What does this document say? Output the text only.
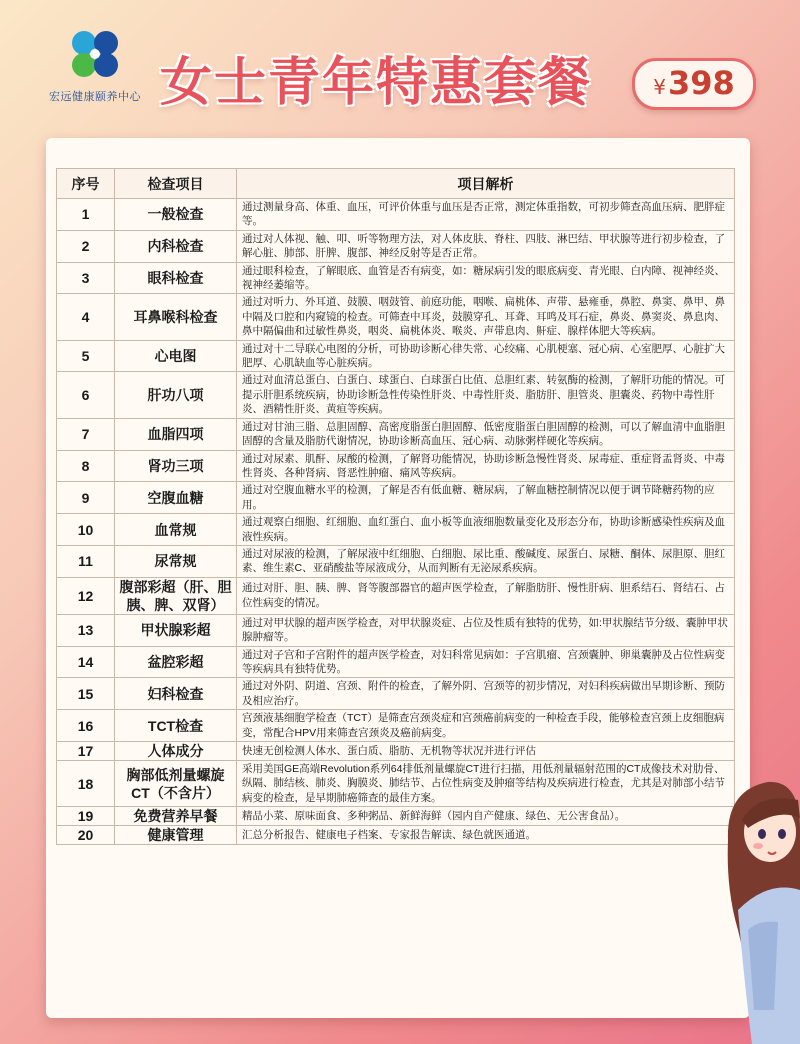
宏远健康颐养中心 女士青年特惠套餐	¥398
序号	检查项目	项目解析
1	一般检查	通过测量身高、体重、血压，可评价体重与血压是否正常，测定体重指数，可初步筛查高血压病、肥胖症等。
2	内科检查	通过对人体视、触、叩、听等物理方法，对人体皮肤、脊柱、四肢、淋巴结、甲状腺等进行初步检查，了解心脏、肺部、肝脾、腹部、神经反射等是否正常。
3	眼科检查	通过眼科检查，了解眼底、血管是否有病变，如：糖尿病引发的眼底病变、青光眼、白内障、视神经炎、视神经萎缩等。
4	耳鼻喉科检查	通过对听力、外耳道、鼓膜、咽鼓管、前庭功能，咽喉、扁桃体、声带、悬雍垂，鼻腔、鼻窦、鼻甲、鼻中隔及口腔和内窥镜的检查。可筛查中耳炎，鼓膜穿孔、耳聋、耳鸣及耳石症，鼻炎、鼻窦炎、鼻息肉、鼻中隔偏曲和过敏性鼻炎，咽炎、扁桃体炎、喉炎、声带息肉、鼾症、腺样体肥大等疾病。
5	心电图	通过对十二导联心电图的分析，可协助诊断心律失常、心绞痛、心肌梗塞、冠心病、心室肥厚、心脏扩大肥厚、心肌缺血等心脏疾病。
6	肝功八项	通过对血清总蛋白、白蛋白、球蛋白、白球蛋白比值、总胆红素、转氨酶的检测，了解肝功能的情况。可提示肝胆系统疾病，协助诊断急性传染性肝炎、中毒性肝炎、脂肪肝、胆管炎、胆囊炎、药物中毒性肝炎、酒精性肝炎、黄疸等疾病。
7	血脂四项	通过对甘油三脂、总胆固醇、高密度脂蛋白胆固醇、低密度脂蛋白胆固醇的检测，可以了解血清中血脂胆固醇的含量及脂肪代谢情况，协助诊断高血压、冠心病、动脉粥样硬化等疾病。
8	肾功三项	通过对尿素、肌酐、尿酸的检测，了解肾功能情况，协助诊断急慢性肾炎、尿毒症、重症肾盂肾炎、中毒性肾炎、各种肾病、肾恶性肿瘤、痛风等疾病。
9	空腹血糖	通过对空腹血糖水平的检测，了解是否有低血糖、糖尿病，了解血糖控制情况以便于调节降糖药物的应用。
10	血常规	通过观察白细胞、红细胞、血红蛋白、血小板等血液细胞数量变化及形态分布，协助诊断感染性疾病及血液性疾病。
11	尿常规	通过对尿液的检测，了解尿液中红细胞、白细胞、尿比重、酸碱度、尿蛋白、尿糖、酮体、尿胆原、胆红素、维生素C、亚硝酸盐等尿液成分，从而判断有无泌尿系疾病。
12	腹部彩超（肝、胆胰、脾、双肾）	通过对肝、胆、胰、脾、肾等腹部器官的超声医学检查，了解脂肪肝、慢性肝病、胆系结石、肾结石、占位性病变的情况。
13	甲状腺彩超	通过对甲状腺的超声医学检查，对甲状腺炎症、占位及性质有独特的优势，如:甲状腺结节分级、囊肿甲状腺肿瘤等。
14	盆腔彩超	通过对子宫和子宫附件的超声医学检查，对妇科常见病如：子宫肌瘤、宫颈囊肿、卵巢囊肿及占位性病变等疾病具有独特优势。
15	妇科检查	通过对外阴、阴道、宫颈、附件的检查，了解外阴、宫颈等的初步情况，对妇科疾病做出早期诊断、预防及相应治疗。
16	TCT检查	宫颈液基细胞学检查（TCT）是筛查宫颈炎症和宫颈癌前病变的一种检查手段，能够检查宫颈上皮细胞病变，常配合HPV用来筛查宫颈炎及癌前病变。
17	人体成分	快速无创检测人体水、蛋白质、脂肪、无机物等状况并进行评估
18	胸部低剂量螺旋CT（不含片）	采用美国GE高端Revolution系列64排低剂量螺旋CT进行扫描，用低剂量辐射范围的CT成像技术对肋骨、纵隔、肺结核、肺炎、胸膜炎、肺结节、占位性病变及肿瘤等结构及疾病进行检查，尤其是对肺部小结节病变的检查，是早期肺癌筛查的最佳方案。
19	免费营养早餐	精品小菜、原味面食、多种粥品、新鲜海鲜（园内自产健康、绿色、无公害食品）。
20	健康管理	汇总分析报告、健康电子档案、专家报告解读、绿色就医通道。
